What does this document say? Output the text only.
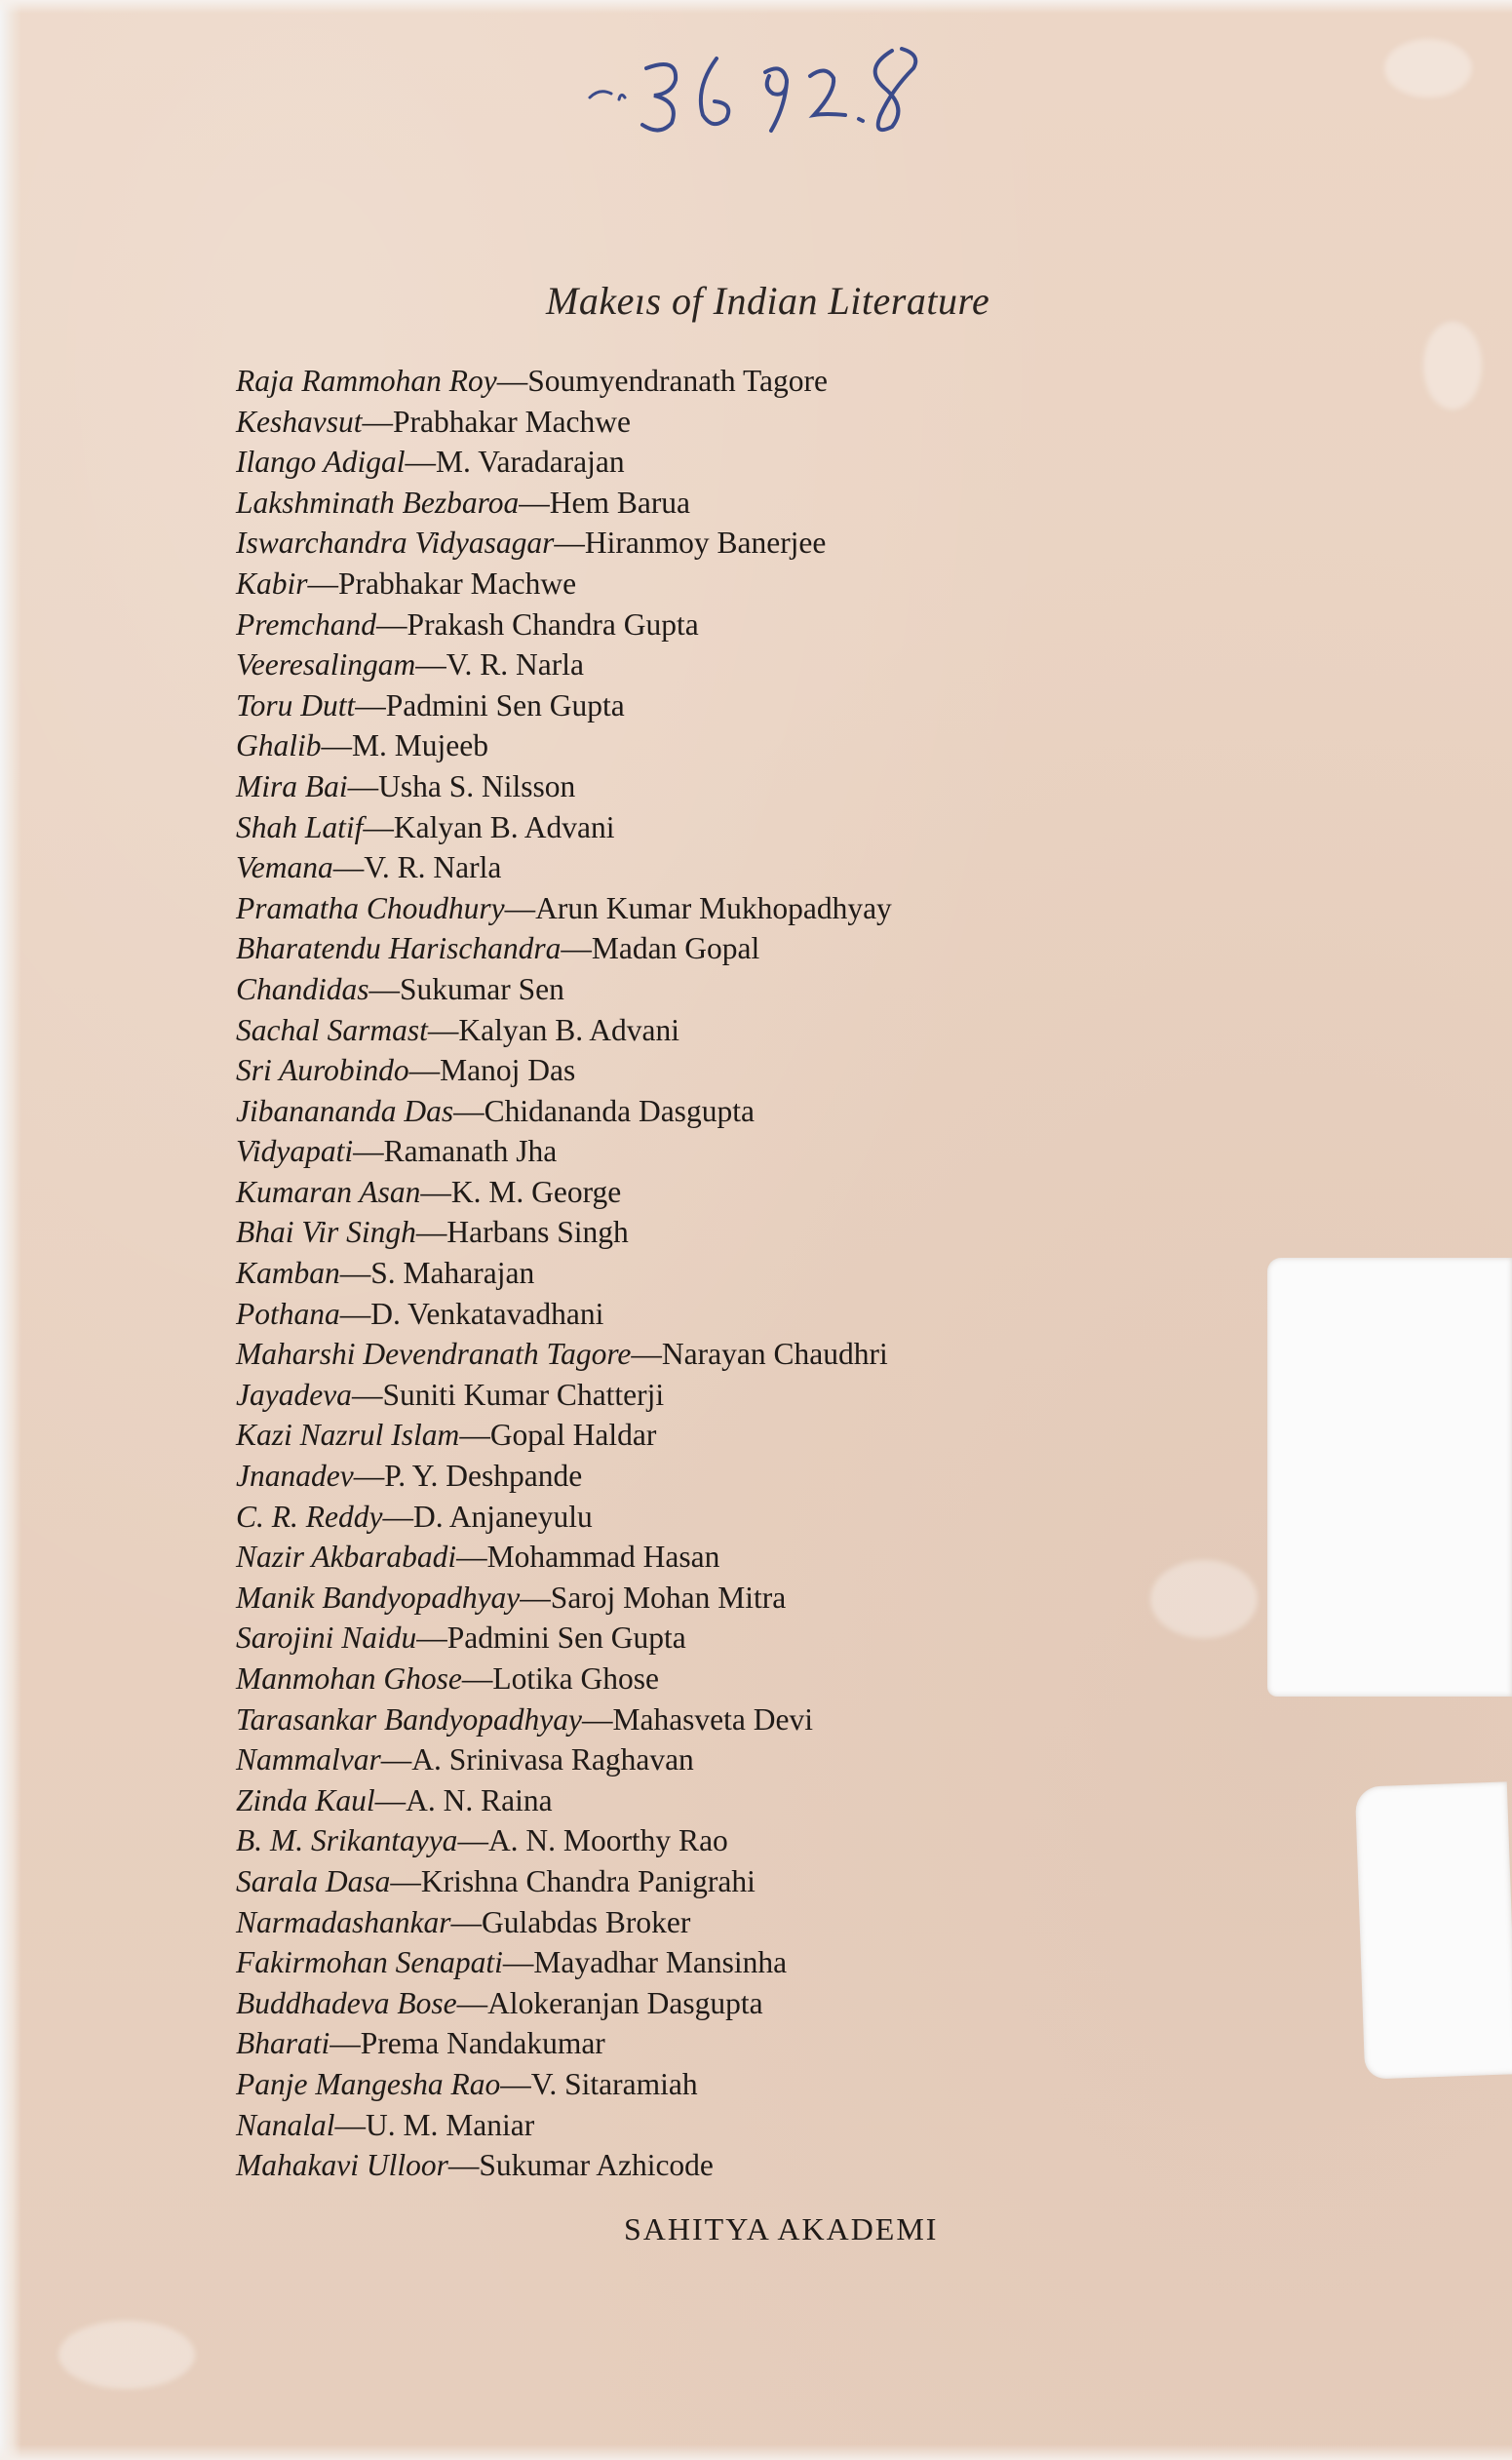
Makeıs of Indian Literature
Raja Rammohan Roy—Soumyendranath Tagore
Keshavsut—Prabhakar Machwe
Ilango Adigal—M. Varadarajan
Lakshminath Bezbaroa—Hem Barua
Iswarchandra Vidyasagar—Hiranmoy Banerjee
Kabir—Prabhakar Machwe
Premchand—Prakash Chandra Gupta
Veeresalingam—V. R. Narla
Toru Dutt—Padmini Sen Gupta
Ghalib—M. Mujeeb
Mira Bai—Usha S. Nilsson
Shah Latif—Kalyan B. Advani
Vemana—V. R. Narla
Pramatha Choudhury—Arun Kumar Mukhopadhyay
Bharatendu Harischandra—Madan Gopal
Chandidas—Sukumar Sen
Sachal Sarmast—Kalyan B. Advani
Sri Aurobindo—Manoj Das
Jibanananda Das—Chidananda Dasgupta
Vidyapati—Ramanath Jha
Kumaran Asan—K. M. George
Bhai Vir Singh—Harbans Singh
Kamban—S. Maharajan
Pothana—D. Venkatavadhani
Maharshi Devendranath Tagore—Narayan Chaudhri
Jayadeva—Suniti Kumar Chatterji
Kazi Nazrul Islam—Gopal Haldar
Jnanadev—P. Y. Deshpande
C. R. Reddy—D. Anjaneyulu
Nazir Akbarabadi—Mohammad Hasan
Manik Bandyopadhyay—Saroj Mohan Mitra
Sarojini Naidu—Padmini Sen Gupta
Manmohan Ghose—Lotika Ghose
Tarasankar Bandyopadhyay—Mahasveta Devi
Nammalvar—A. Srinivasa Raghavan
Zinda Kaul—A. N. Raina
B. M. Srikantayya—A. N. Moorthy Rao
Sarala Dasa—Krishna Chandra Panigrahi
Narmadashankar—Gulabdas Broker
Fakirmohan Senapati—Mayadhar Mansinha
Buddhadeva Bose—Alokeranjan Dasgupta
Bharati—Prema Nandakumar
Panje Mangesha Rao—V. Sitaramiah
Nanalal—U. M. Maniar
Mahakavi Ulloor—Sukumar Azhicode
SAHITYA AKADEMI
